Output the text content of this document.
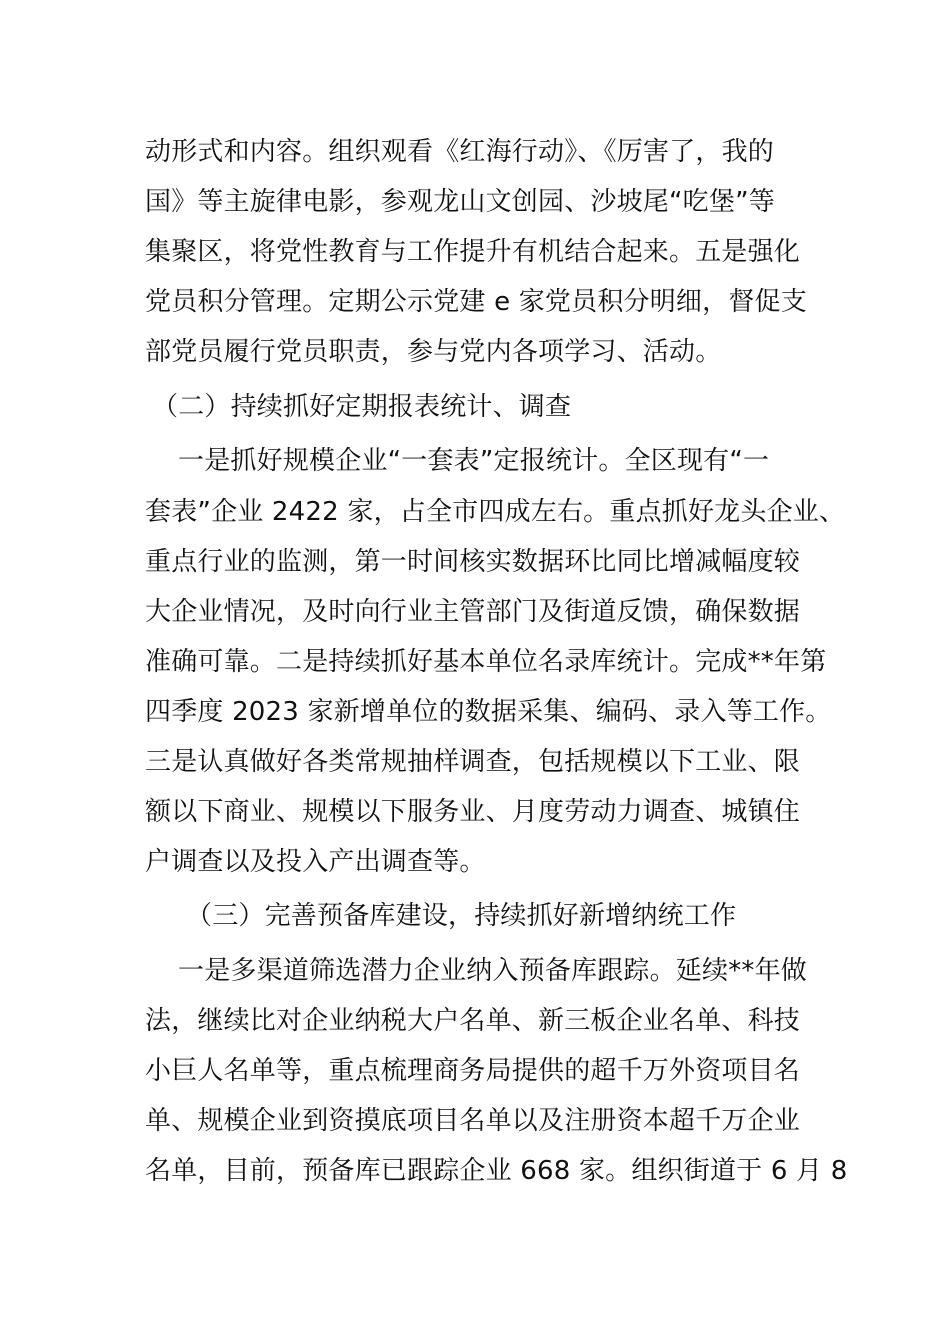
动形式和内容。组织观看《红海行动》、《厉害了，我的
国》等主旋律电影，参观龙山文创园、沙坡尾“吃堡”等
集聚区，将党性教育与工作提升有机结合起来。五是强化
党员积分管理。定期公示党建 e 家党员积分明细，督促支
部党员履行党员职责，参与党内各项学习、活动。
（二）持续抓好定期报表统计、调查
一是抓好规模企业“一套表”定报统计。全区现有“一
套表”企业 2422 家，占全市四成左右。重点抓好龙头企业、
重点行业的监测，第一时间核实数据环比同比增减幅度较
大企业情况，及时向行业主管部门及街道反馈，确保数据
准确可靠。二是持续抓好基本单位名录库统计。完成**年第
四季度 2023 家新增单位的数据采集、编码、录入等工作。
三是认真做好各类常规抽样调查，包括规模以下工业、限
额以下商业、规模以下服务业、月度劳动力调查、城镇住
户调查以及投入产出调查等。
（三）完善预备库建设，持续抓好新增纳统工作
一是多渠道筛选潜力企业纳入预备库跟踪。延续**年做
法，继续比对企业纳税大户名单、新三板企业名单、科技
小巨人名单等，重点梳理商务局提供的超千万外资项目名
单、规模企业到资摸底项目名单以及注册资本超千万企业
名单，目前，预备库已跟踪企业 668 家。组织街道于 6 月 8
